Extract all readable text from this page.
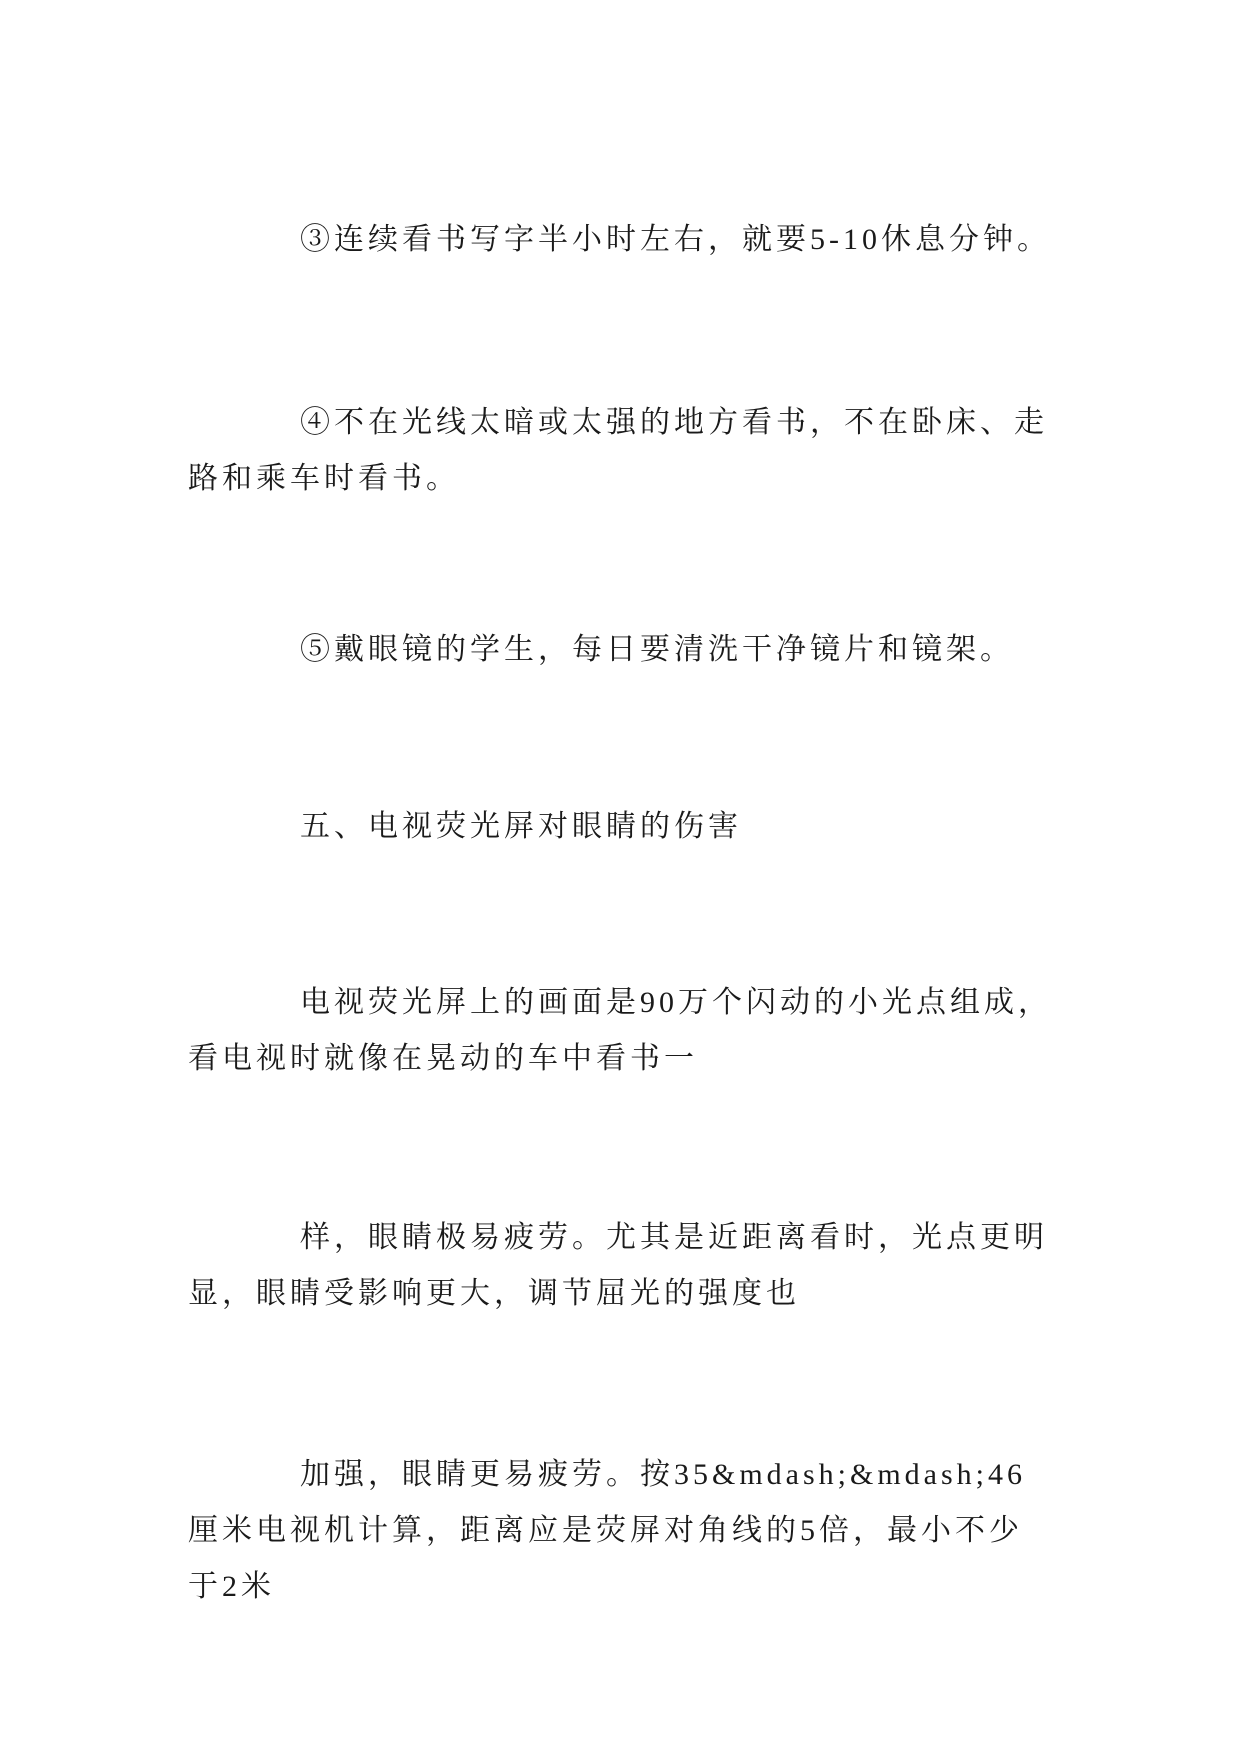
③连续看书写字半小时左右，就要5-10休息分钟。

④不在光线太暗或太强的地方看书，不在卧床、走路和乘车时看书。

⑤戴眼镜的学生，每日要清洗干净镜片和镜架。

五、电视荧光屏对眼睛的伤害

电视荧光屏上的画面是90万个闪动的小光点组成，看电视时就像在晃动的车中看书一

样，眼睛极易疲劳。尤其是近距离看时，光点更明显，眼睛受影响更大，调节屈光的强度也

加强，眼睛更易疲劳。按35&mdash;&mdash;46厘米电视机计算，距离应是荧屏对角线的5倍，最小不少于2米
